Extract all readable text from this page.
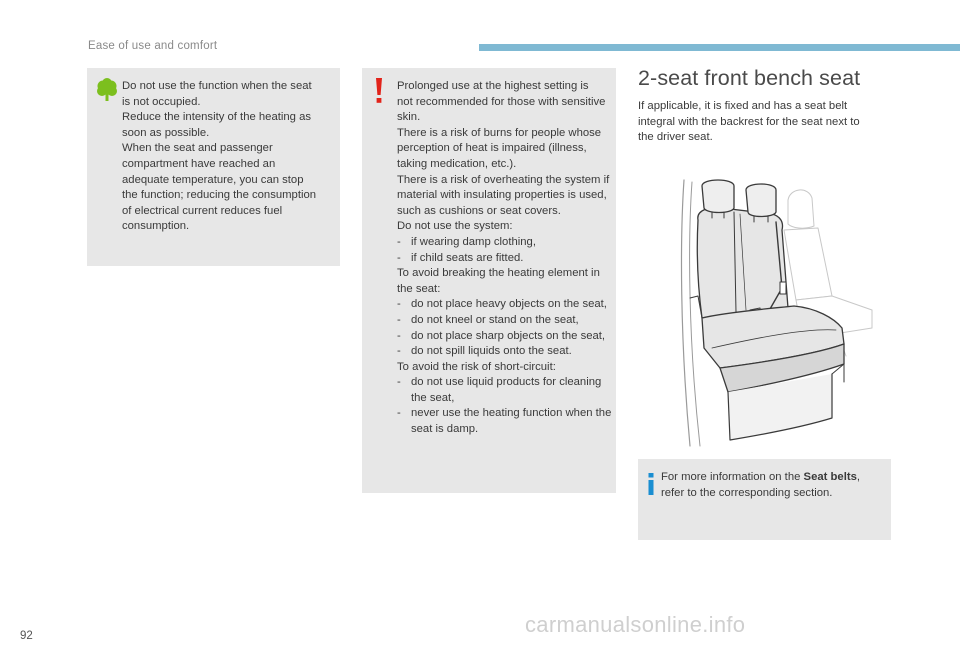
Ease of use and comfort
Do not use the function when the seat
is not occupied.
Reduce the intensity of the heating as
soon as possible.
When the seat and passenger
compartment have reached an
adequate temperature, you can stop
the function; reducing the consumption
of electrical current reduces fuel
consumption.
Prolonged use at the highest setting is
not recommended for those with sensitive
skin.
There is a risk of burns for people whose
perception of heat is impaired (illness,
taking medication, etc.).
There is a risk of overheating the system if
material with insulating properties is used,
such as cushions or seat covers.
Do not use the system:
- if wearing damp clothing,
- if child seats are fitted.
To avoid breaking the heating element in
the seat:
- do not place heavy objects on the seat,
- do not kneel or stand on the seat,
- do not place sharp objects on the seat,
- do not spill liquids onto the seat.
To avoid the risk of short-circuit:
- do not use liquid products for cleaning the seat,
- never use the heating function when the seat is damp.
2-seat front bench seat

If applicable, it is fixed and has a seat belt
integral with the backrest for the seat next to
the driver seat.

For more information on the Seat belts,
refer to the corresponding section.
92	carmanualsonline.info
